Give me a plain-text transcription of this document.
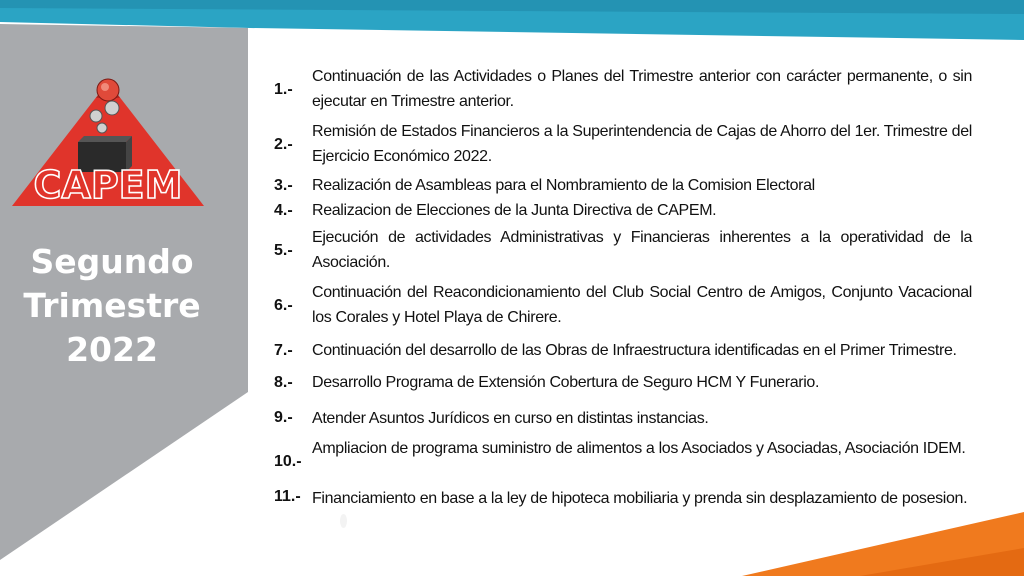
CAPEM
Segundo
Trimestre
2022
1.-
Continuación de las Actividades o Planes del Trimestre anterior con carácter permanente, o sin ejecutar en Trimestre anterior.
2.-
Remisión de Estados Financieros a la Superintendencia de Cajas de Ahorro del 1er. Trimestre del Ejercicio Económico 2022.
3.-	Realización de Asambleas para el Nombramiento de la Comision Electoral
4.-	Realizacion de Elecciones de la Junta Directiva de CAPEM.
5.-
Ejecución de actividades Administrativas y Financieras inherentes a la operatividad de la Asociación.
6.-
Continuación del Reacondicionamiento del Club Social Centro de Amigos, Conjunto Vacacional los Corales y Hotel Playa de Chirere.
7.-	Continuación del desarrollo de las Obras de Infraestructura identificadas en el Primer Trimestre.
8.-	Desarrollo Programa de Extensión Cobertura de Seguro HCM Y Funerario.
9.-	Atender Asuntos Jurídicos en curso en distintas instancias.
10.-
Ampliacion de programa suministro de alimentos a los Asociados y Asociadas, Asociación IDEM.
11.- Financiamiento en base a la ley de hipoteca mobiliaria y prenda sin desplazamiento de posesion.
